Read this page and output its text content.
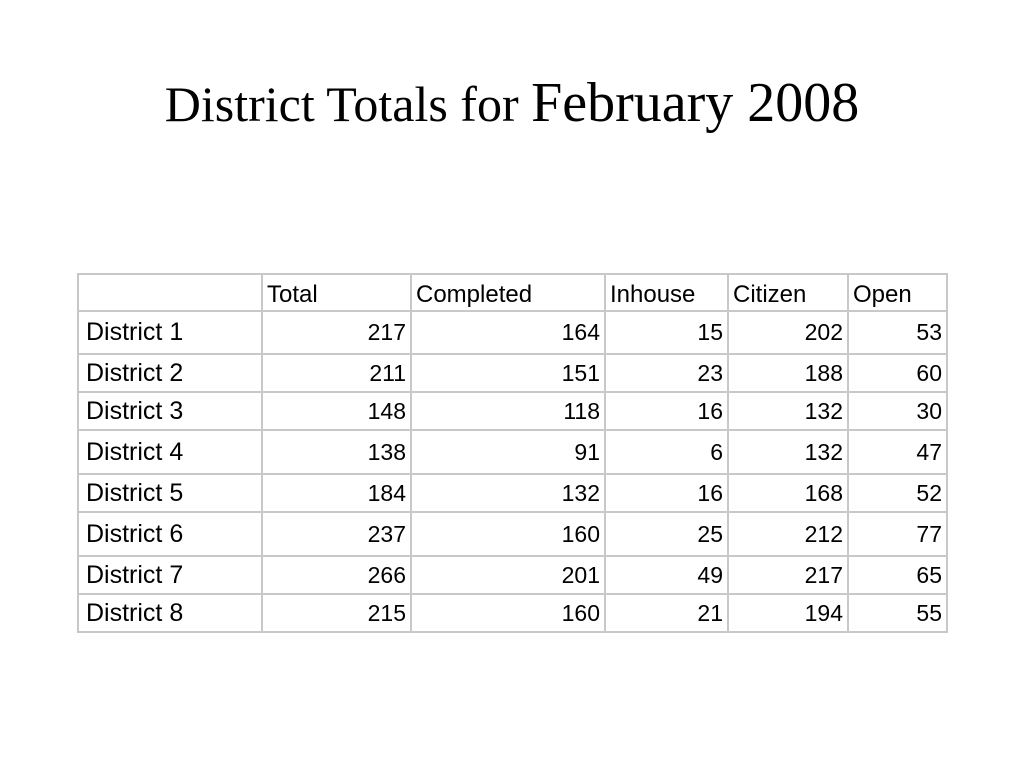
District Totals for February 2008
	Total	Completed	Inhouse	Citizen	Open
District 1	217	164	15	202	53
District 2	211	151	23	188	60
District 3	148	118	16	132	30
District 4	138	91	6	132	47
District 5	184	132	16	168	52
District 6	237	160	25	212	77
District 7	266	201	49	217	65
District 8	215	160	21	194	55
